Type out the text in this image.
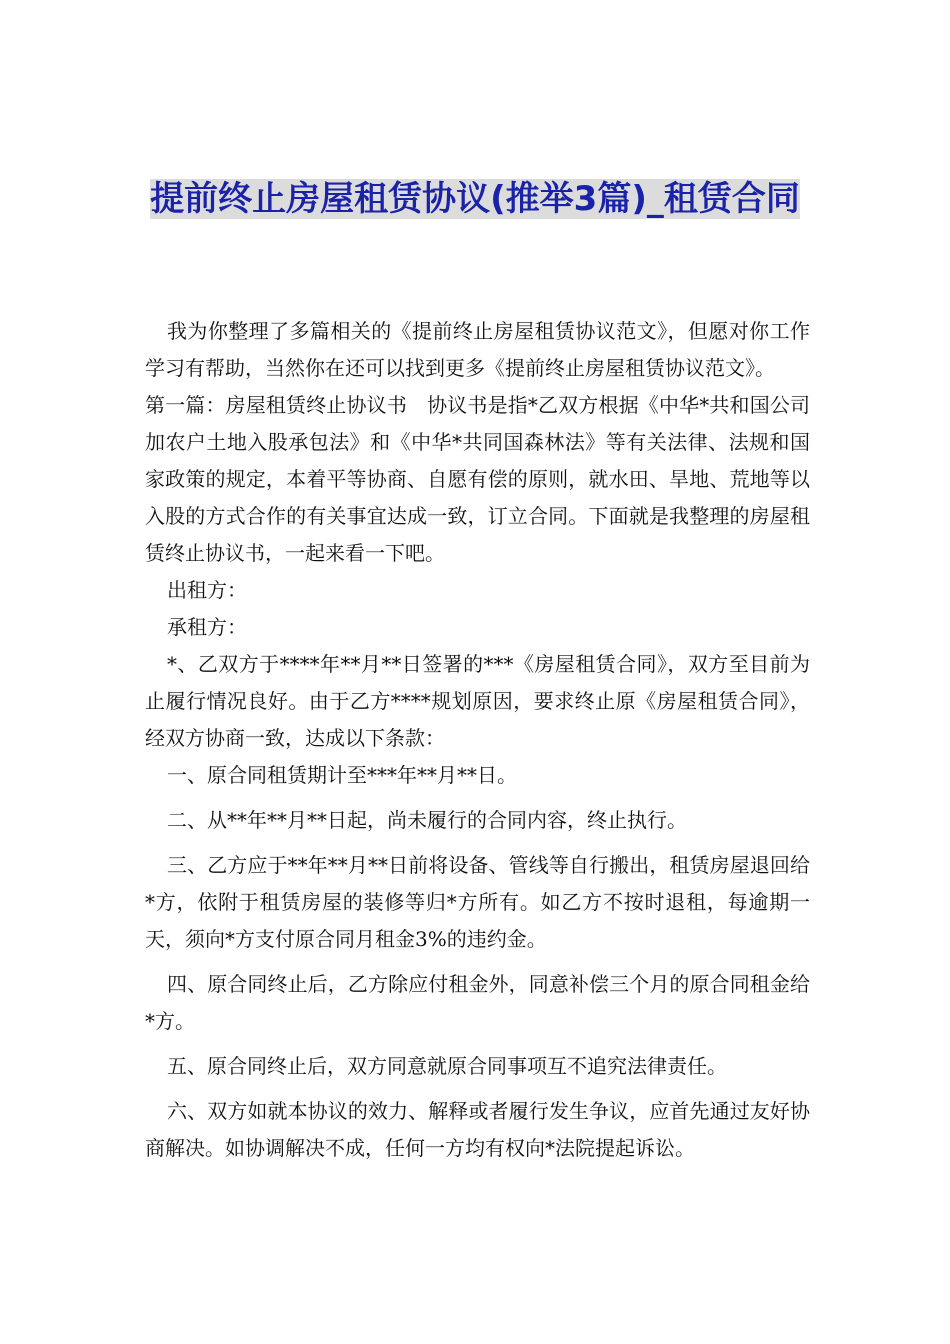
提前终止房屋租赁协议(推举3篇)_租赁合同

我为你整理了多篇相关的《提前终止房屋租赁协议范文》，但愿对你工作学习有帮助，当然你在还可以找到更多《提前终止房屋租赁协议范文》。

第一篇：房屋租赁终止协议书　协议书是指*乙双方根据《中华*共和国公司加农户土地入股承包法》和《中华*共同国森林法》等有关法律、法规和国家政策的规定，本着平等协商、自愿有偿的原则，就水田、旱地、荒地等以入股的方式合作的有关事宜达成一致，订立合同。下面就是我整理的房屋租赁终止协议书，一起来看一下吧。

出租方：

承租方：

*、乙双方于****年**月**日签署的***《房屋租赁合同》，双方至目前为止履行情况良好。由于乙方****规划原因，要求终止原《房屋租赁合同》，经双方协商一致，达成以下条款：

一、原合同租赁期计至***年**月**日。

二、从**年**月**日起，尚未履行的合同内容，终止执行。

三、乙方应于**年**月**日前将设备、管线等自行搬出，租赁房屋退回给*方，依附于租赁房屋的装修等归*方所有。如乙方不按时退租，每逾期一天，须向*方支付原合同月租金3%的违约金。

四、原合同终止后，乙方除应付租金外，同意补偿三个月的原合同租金给*方。

五、原合同终止后，双方同意就原合同事项互不追究法律责任。

六、双方如就本协议的效力、解释或者履行发生争议，应首先通过友好协商解决。如协调解决不成，任何一方均有权向*法院提起诉讼。
